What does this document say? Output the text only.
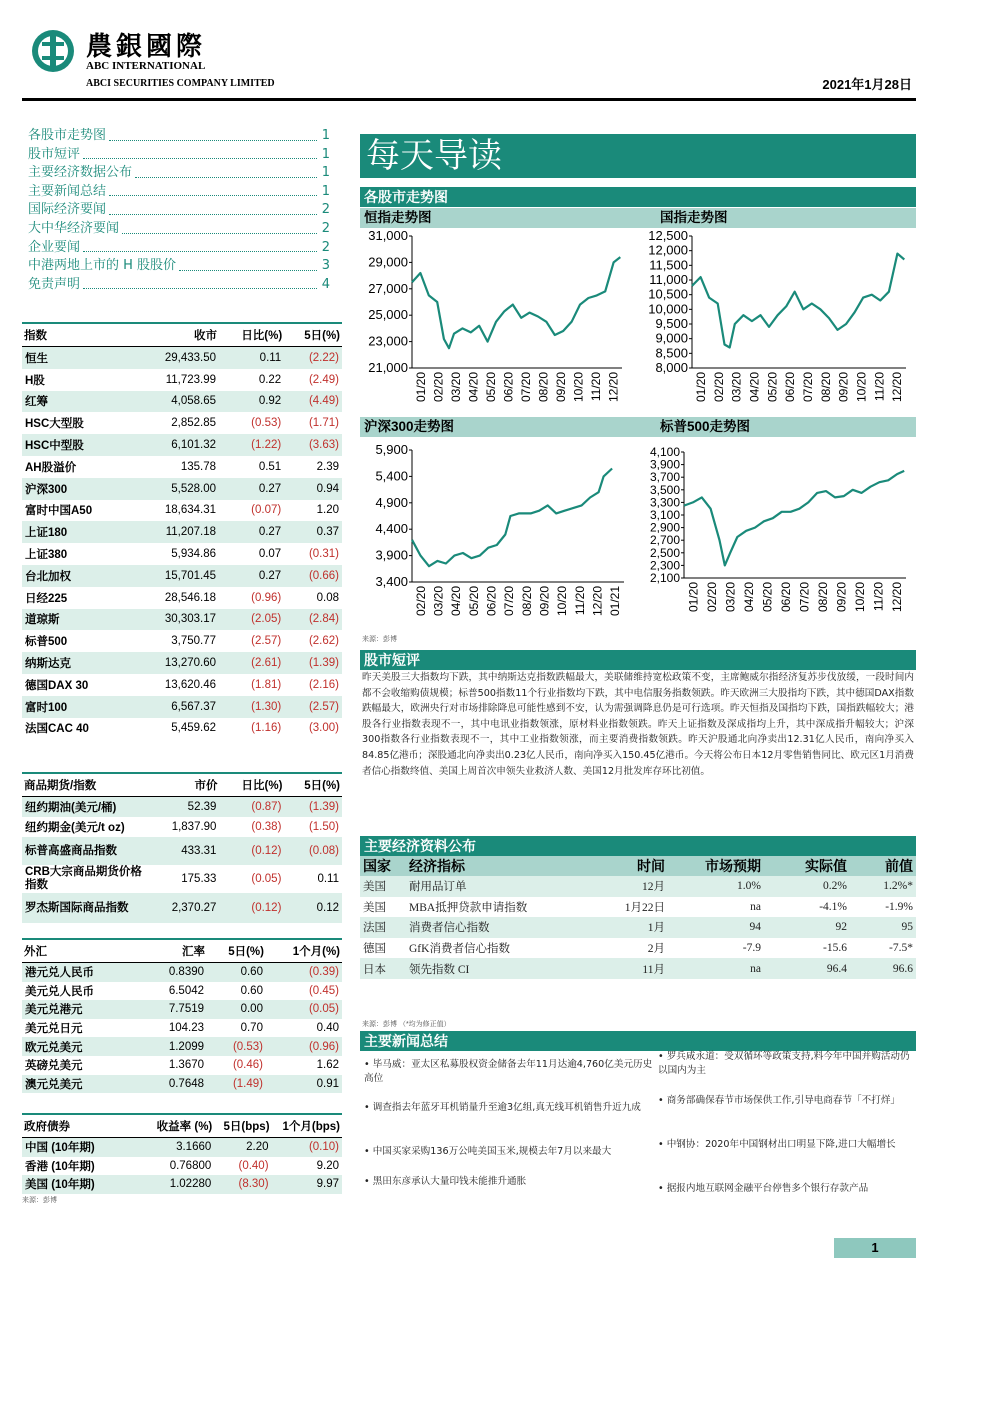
農銀國際
ABC INTERNATIONAL
ABCI SECURITIES COMPANY LIMITED	2021年1月28日
各股市走势图	1
股市短评	1
主要经济数据公布	1
主要新闻总结	1
国际经济要闻	2
大中华经济要闻	2
企业要闻	2
中港两地上市的 H 股股价	3
免责声明	4
指数	收市	日比(%)	5日(%)
恒生	29,433.50	0.11	(2.22)
H股	11,723.99	0.22	(2.49)
红筹	4,058.65	0.92	(4.49)
HSC大型股	2,852.85	(0.53)	(1.71)
HSC中型股	6,101.32	(1.22)	(3.63)
AH股溢价	135.78	0.51	2.39
沪深300	5,528.00	0.27	0.94
富时中国A50	18,634.31	(0.07)	1.20
上证180	11,207.18	0.27	0.37
上证380	5,934.86	0.07	(0.31)
台北加权	15,701.45	0.27	(0.66)
日经225	28,546.18	(0.96)	0.08
道琼斯	30,303.17	(2.05)	(2.84)
标普500	3,750.77	(2.57)	(2.62)
纳斯达克	13,270.60	(2.61)	(1.39)
德国DAX 30	13,620.46	(1.81)	(2.16)
富时100	6,567.37	(1.30)	(2.57)
法国CAC 40	5,459.62	(1.16)	(3.00)
商品期货/指数	市价	日比(%)	5日(%)
纽约期油(美元/桶)	52.39	(0.87)	(1.39)
纽约期金(美元/t oz)	1,837.90	(0.38)	(1.50)
标普高盛商品指数	433.31	(0.12)	(0.08)
CRB大宗商品期货价格指数	175.33	(0.05)	0.11
罗杰斯国际商品指数	2,370.27	(0.12)	0.12
外汇	汇率	5日(%)	1个月(%)
港元兑人民币	0.8390	0.60	(0.39)
美元兑人民币	6.5042	0.60	(0.45)
美元兑港元	7.7519	0.00	(0.05)
美元兑日元	104.23	0.70	0.40
欧元兑美元	1.2099	(0.53)	(0.96)
英磅兑美元	1.3670	(0.46)	1.62
澳元兑美元	0.7648	(1.49)	0.91
政府债券	收益率 (%)	5日(bps)	1个月(bps)
中国 (10年期)	3.1660	2.20	(0.10)
香港 (10年期)	0.76800	(0.40)	9.20
美国 (10年期)	1.02280	(8.30)	9.97
来源：彭博
每天导读
各股市走势图
恒指走势图	国指走势图
沪深300走势图	标普500走势图
31,000
29,000
27,000
25,000
23,000
21,000
01/20 02/20 03/20 04/20 05/20 06/20 07/20 08/20 09/20 10/20 11/20 12/20
12,500
12,000
11,500
11,000
10,500
10,000
9,500
9,000
8,500
8,000
01/20 02/20 03/20 04/20 05/20 06/20 07/20 08/20 09/20 10/20 11/20 12/20
5,900
5,400
4,900
4,400
3,900
3,400
02/20 03/20 04/20 05/20 06/20 07/20 08/20 09/20 10/20 11/20 12/20 01/21
4,100
3,900
3,700
3,500
3,300
3,100
2,900
2,700
2,500
2,300
2,100
01/20 02/20 03/20 04/20 05/20 06/20 07/20 08/20 09/20 10/20 11/20 12/20
来源：彭博
股市短评
昨天美股三大指数均下跌，其中纳斯达克指数跌幅最大，美联储维持宽松政策不变，主席鲍威尔指经济复苏步伐放缓，一段时间内都不会收缩购债规模；标普500指数11个行业指数均下跌，其中电信服务指数领跌。昨天欧洲三大股指均下跌，其中德国DAX指数跌幅最大，欧洲央行对市场排除降息可能性感到不安，认为需强调降息仍是可行选项。昨天恒指及国指均下跌，国指跌幅较大；港股各行业指数表现不一，其中电讯业指数领涨，原材料业指数领跌。昨天上证指数及深成指均上升，其中深成指升幅较大；沪深300指数各行业指数表现不一，其中工业指数领涨，而主要消费指数领跌。昨天沪股通北向净卖出12.31亿人民币，南向净买入84.85亿港币；深股通北向净卖出0.23亿人民币，南向净买入150.45亿港币。今天将公布日本12月零售销售同比、欧元区1月消费者信心指数终值、美国上周首次申领失业救济人数、美国12月批发库存环比初值。
主要经济资料公布
国家	经济指标	时间	市场预期	实际值	前值
美国	耐用品订单	12月	1.0%	0.2%	1.2%*
美国	MBA抵押贷款申请指数	1月22日	na	-4.1%	-1.9%
法国	消费者信心指数	1月	94	92	95
德国	GfK消费者信心指数	2月	-7.9	-15.6	-7.5*
日本	领先指数 CI	11月	na	96.4	96.6
来源：彭博 （*均为修正值）
主要新闻总结
• 毕马威：亚太区私募股权资金储备去年11月达逾4,760亿美元历史高位
• 调查指去年蓝牙耳机销量升至逾3亿组,真无线耳机销售升近九成
• 中国买家采购136万公吨美国玉米,规模去年7月以来最大
• 黑田东彦承认大量印钱未能推升通胀
• 罗兵咸永道：受双循环等政策支持,料今年中国并购活动仍以国内为主
• 商务部确保春节市场保供工作,引导电商春节「不打烊」
• 中钢协：2020年中国钢材出口明显下降,进口大幅增长
• 据报内地互联网金融平台停售多个银行存款产品
1
